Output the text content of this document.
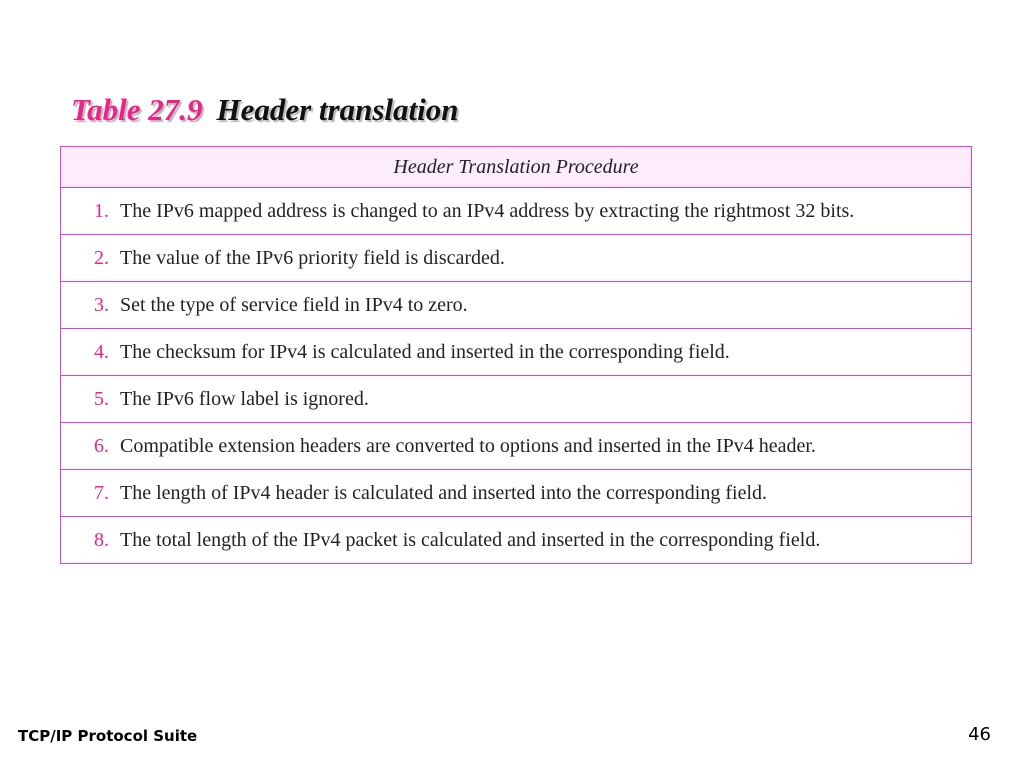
Table 27.9 Header translation
Header Translation Procedure	
1.	The IPv6 mapped address is changed to an IPv4 address by extracting the rightmost 32 bits.
2.	The value of the IPv6 priority field is discarded.
3.	Set the type of service field in IPv4 to zero.
4.	The checksum for IPv4 is calculated and inserted in the corresponding field.
5.	The IPv6 flow label is ignored.
6.	Compatible extension headers are converted to options and inserted in the IPv4 header.
7.	The length of IPv4 header is calculated and inserted into the corresponding field.
8.	The total length of the IPv4 packet is calculated and inserted in the corresponding field.
TCP/IP Protocol Suite	46
